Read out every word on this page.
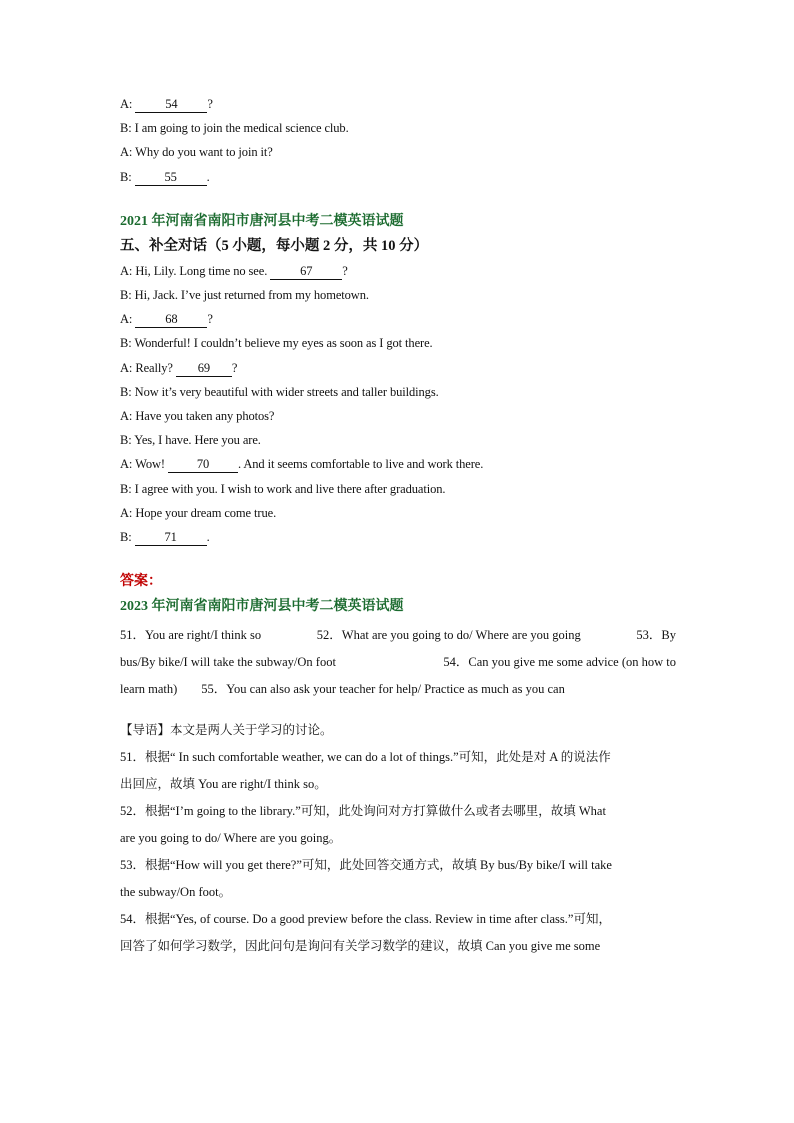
A:	54 ?
B: I am going to join the medical science club.
A: Why do you want to join it?
B:	55 .
2021 年河南省南阳市唐河县中考二模英语试题
五、补全对话（5 小题，每小题 2 分，共 10 分）
A: Hi, Lily. Long time no see. 67 ?
B: Hi, Jack. I’ve just returned from my hometown.
A:	68 ?
B: Wonderful! I couldn’t believe my eyes as soon as I got there.
A: Really? 69 ?
B: Now it’s very beautiful with wider streets and taller buildings.
A: Have you taken any photos?
B: Yes, I have. Here you are.
A: Wow! 70 . And it seems comfortable to live and work there.
B: I agree with you. I wish to work and live there after graduation.
A: Hope your dream come true.
B:	71 .
答案：
2023 年河南省南阳市唐河县中考二模英语试题
51．You are right/I think so	52．What are you going to do/ Where are you going	53．By
bus/By bike/I will take the subway/On foot	54．Can you give me some advice (on how to
learn math) 55．You can also ask your teacher for help/ Practice as much as you can
【导语】本文是两人关于学习的讨论。
51．根据“ In such comfortable weather, we can do a lot of things.”可知，此处是对 A 的说法作
出回应，故填 You are right/I think so。
52．根据“I’m going to the library.”可知，此处询问对方打算做什么或者去哪里，故填 What
are you going to do/ Where are you going。
53．根据“How will you get there?”可知，此处回答交通方式，故填 By bus/By bike/I will take
the subway/On foot。
54．根据“Yes, of course. Do a good preview before the class. Review in time after class.”可知，
回答了如何学习数学，因此问句是询问有关学习数学的建议，故填 Can you give me some
